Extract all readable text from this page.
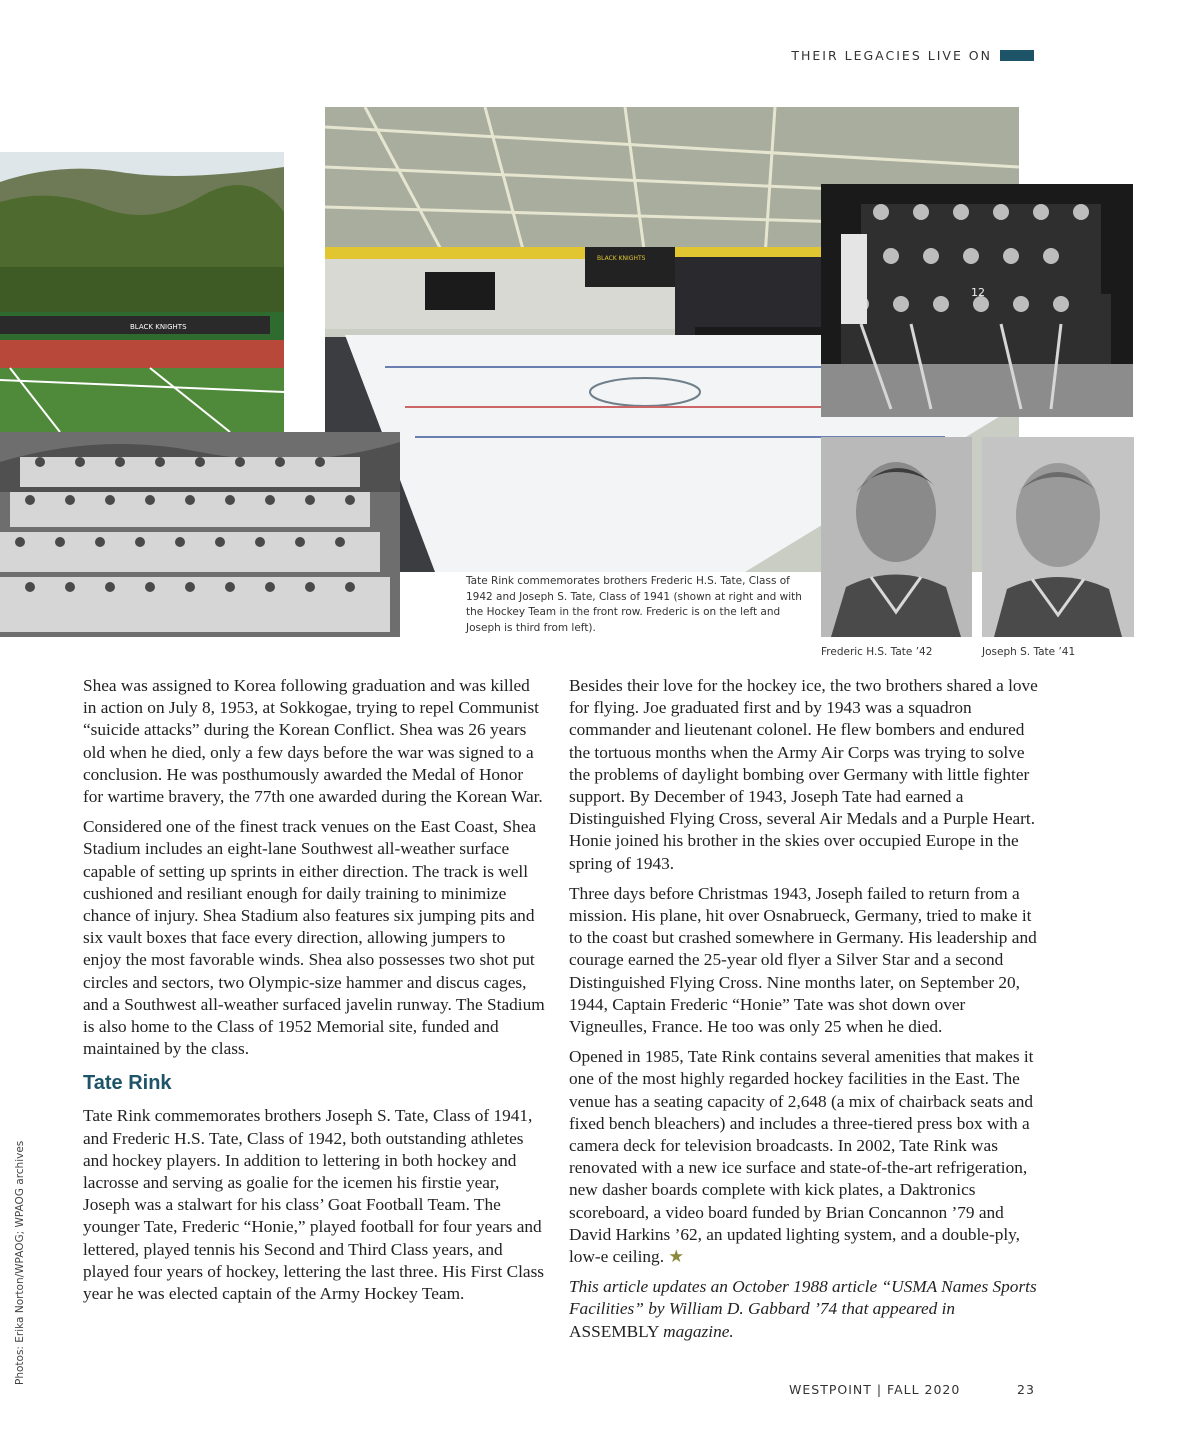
THEIR LEGACIES LIVE ON
BLACK KNIGHTS
BLACK KNIGHTS
12
Tate Rink commemorates brothers Frederic H.S. Tate, Class of 1942 and Joseph S. Tate, Class of 1941 (shown at right and with the Hockey Team in the front row. Frederic is on the left and Joseph is third from left).
Frederic H.S. Tate ’42	Joseph S. Tate ’41
Photos: Erika Norton/WPAOG; WPAOG archives

Shea was assigned to Korea following graduation and was killed in action on July 8, 1953, at Sokkogae, trying to repel Communist “suicide attacks” during the Korean Conflict. Shea was 26 years old when he died, only a few days before the war was signed to a conclusion. He was posthumously awarded the Medal of Honor for wartime bravery, the 77th one awarded during the Korean War.

Considered one of the finest track venues on the East Coast, Shea Stadium includes an eight-lane Southwest all-weather surface capable of setting up sprints in either direction. The track is well cushioned and resiliant enough for daily training to minimize chance of injury. Shea Stadium also features six jumping pits and six vault boxes that face every direction, allowing jumpers to enjoy the most favorable winds. Shea also possesses two shot put circles and sectors, two Olympic-size hammer and discus cages, and a Southwest all-weather surfaced javelin runway. The Stadium is also home to the Class of 1952 Memorial site, funded and maintained by the class.

Tate Rink

Tate Rink commemorates brothers Joseph S. Tate, Class of 1941, and Frederic H.S. Tate, Class of 1942, both outstanding athletes and hockey players. In addition to lettering in both hockey and lacrosse and serving as goalie for the icemen his firstie year, Joseph was a stalwart for his class’ Goat Football Team. The younger Tate, Frederic “Honie,” played football for four years and lettered, played tennis his Second and Third Class years, and played four years of hockey, lettering the last three. His First Class year he was elected captain of the Army Hockey Team.

Besides their love for the hockey ice, the two brothers shared a love for flying. Joe graduated first and by 1943 was a squadron commander and lieutenant colonel. He flew bombers and endured the tortuous months when the Army Air Corps was trying to solve the problems of daylight bombing over Germany with little fighter support. By December of 1943, Joseph Tate had earned a Distinguished Flying Cross, several Air Medals and a Purple Heart. Honie joined his brother in the skies over occupied Europe in the spring of 1943.

Three days before Christmas 1943, Joseph failed to return from a mission. His plane, hit over Osnabrueck, Germany, tried to make it to the coast but crashed somewhere in Germany. His leadership and courage earned the 25-year old flyer a Silver Star and a second Distinguished Flying Cross. Nine months later, on September 20, 1944, Captain Frederic “Honie” Tate was shot down over Vigneulles, France. He too was only 25 when he died.

Opened in 1985, Tate Rink contains several amenities that makes it one of the most highly regarded hockey facilities in the East. The venue has a seating capacity of 2,648 (a mix of chairback seats and fixed bench bleachers) and includes a three-tiered press box with a camera deck for television broadcasts. In 2002, Tate Rink was renovated with a new ice surface and state-of-the-art refrigeration, new dasher boards complete with kick plates, a Daktronics scoreboard, a video board funded by Brian Concannon ’79 and David Harkins ’62, an updated lighting system, and a double-ply, low-e ceiling. ★

This article updates an October 1988 article “USMA Names Sports Facilities” by William D. Gabbard ’74 that appeared in ASSEMBLY magazine.

WESTPOINT | FALL 2020	23
